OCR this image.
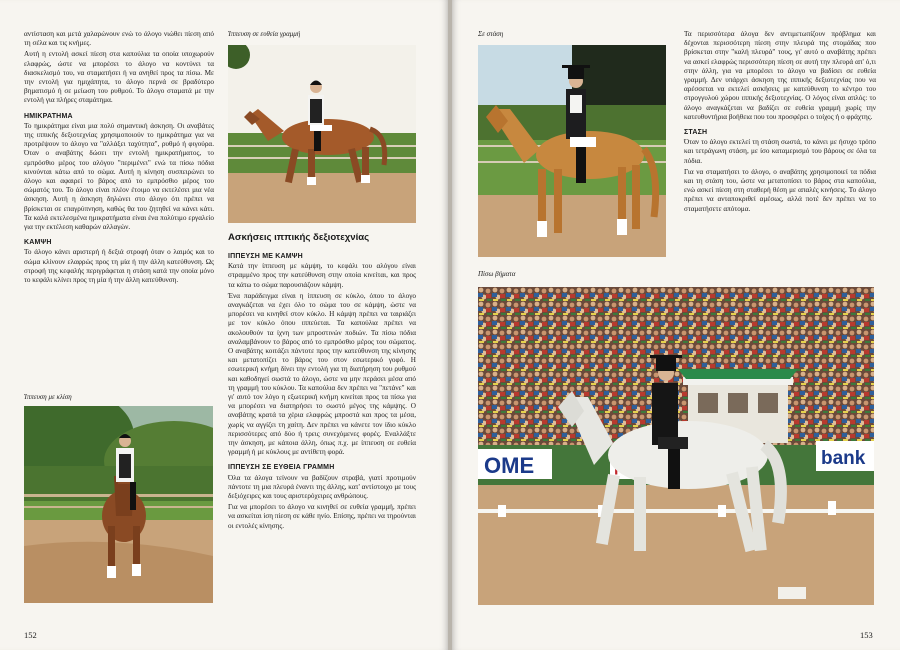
αντίσταση και μετά χαλαρώνουν ενώ το άλογο νιώθει πίεση από τη σέλα και τις κνήμες.

Αυτή η εντολή ασκεί πίεση στα καπούλια τα οποία υποχωρούν ελαφρώς, ώστε να μπορέσει το άλογο να κοντύνει τα διασκελισμό του, να σταματήσει ή να ανηθεί προς τα πίσω. Με την εντολή για ημιχάπητα, το άλογο περνά σε βραδύτερο βηματισμό ή σε μείωση του ρυθμού. Το άλογο σταματά με την εντολή για πλήρες σταμάτημα.

ΗΜΙΚΡΑΤΗΜΑ

Το ημικράτημα είναι μια πολύ σημαντική άσκηση. Οι αναβάτες της ιππικής δεξιοτεχνίας χρησιμοποιούν το ημικράτημα για να προτρέψουν το άλογο να "αλλάξει ταχύτητα", ρυθμό ή φιγούρα. Όταν ο αναβάτης δώσει την εντολή ημικρατήματος, το εμπρόσθιο μέρος του αλόγου "περιμένει" ενώ τα πίσω πόδια κινούνται κάτω από το σώμα. Αυτή η κίνηση συσπειρώνει το άλογο και αφαιρεί το βάρος από το εμπρόσθιο μέρος του σώματός του. Το άλογο είναι πλέον έτοιμο να εκτελέσει μια νέα άσκηση. Αυτή η άσκηση δηλώνει στο άλογο ότι πρέπει να βρίσκεται σε επαγρύπνηση, καθώς θα του ζητηθεί να κάνει κάτι. Τα καλά εκτελεσμένα ημικρατήματα είναι ένα πολύτιμο εργαλείο για την εκτέλεση καθαρών αλλαγών.

ΚΑΜΨΗ

Το άλογο κάνει αριστερή ή δεξιά στροφή όταν ο λαιμός και το σώμα κλίνουν ελαφρώς προς τη μία ή την άλλη κατεύθυνση. Ως στροφή της κεφαλής περιγράφεται η στάση κατά την οποία μόνο το κεφάλι κλίνει προς τη μία ή την άλλη κατεύθυνση.

Ίππευση με κλίση
Ίππευση σε ευθεία γραμμή
Ασκήσεις ιππικής δεξιοτεχνίας
ΙΠΠΕΥΣΗ ΜΕ ΚΑΜΨΗ

Κατά την ίππευση με κάμψη, το κεφάλι του αλόγου είναι στραμμένο προς την κατεύθυνση στην οποία κινείται, και προς τα κάτω το σώμα παρουσιάζουν κάμψη.

Ένα παράδειγμα είναι η ίππευση σε κύκλο, όπου το άλογο αναγκάζεται να έχει όλο το σώμα του σε κάμψη, ώστε να μπορέσει να κινηθεί στον κύκλο. Η κάμψη πρέπει να ταιριάζει με τον κύκλο όπου ιππεύεται. Τα καπούλια πρέπει να ακολουθούν τα ίχνη των μπροστινών ποδιών. Τα πίσω πόδια αναλαμβάνουν το βάρος από το εμπρόσθιο μέρος του σώματος. Ο αναβάτης κοιτάζει πάντοτε προς την κατεύθυνση της κίνησης και μετατοπίζει το βάρος του στον εσωτερικό γοφό. Η εσωτερική κνήμη δίνει την εντολή για τη διατήρηση του ρυθμού και καθοδηγεί σωστά το άλογο, ώστε να μην περάσει μέσα από τη γραμμή του κύκλου. Τα καπούλια δεν πρέπει να "πετάνε" και γι' αυτό τον λόγο η εξωτερική κνήμη κινείται προς τα πίσω για να μπορέσει να διατηρήσει το σωστό μέγος της κάμψης. Ο αναβάτης κρατά τα χέρια ελαφρώς μπροστά και προς τα μέσα, χωρίς να αγγίζει τη χαίτη. Δεν πρέπει να κάνετε τον ίδιο κύκλο περισσότερες από δύο ή τρεις συνεχόμενες φορές. Εναλλάξτε την άσκηση, με κάποια άλλη, όπως π.χ. με ίππευση σε ευθεία γραμμή ή με κύκλους με αντίθετη φορά.

ΙΠΠΕΥΣΗ ΣΕ ΕΥΘΕΙΑ ΓΡΑΜΜΗ

Όλα τα άλογα τείνουν να βαδίζουν στραβά, γιατί προτιμούν πάντοτε τη μια πλευρά έναντι της άλλης, κατ' αντίστοιχο με τους δεξιόχειρες και τους αριστερόχειρες ανθρώπους.

Για να μπορέσει το άλογο να κινηθεί σε ευθεία γραμμή, πρέπει να ασκείται ίση πίεση σε κάθε ηνίο. Επίσης, πρέπει να τηρούνται οι εντολές κίνησης.

152
Σε στάση	Τα περισσότερα άλογα δεν αντιμετωπίζουν πρόβλημα και δέχονται περισσότερη πίεση στην πλευρά της στομάδας που βρίσκεται στην "καλή πλευρά" τους, γι' αυτό ο αναβάτης πρέπει να ασκεί ελαφρώς περισσότερη πίεση σε αυτή την πλευρά απ' ό,τι στην άλλη, για να μπορέσει το άλογο να βαδίσει σε ευθεία γραμμή. Δεν υπάρχει άσκηση της ιππικής δεξιοτεχνίας που να αρέσσεται να εκτελεί ασκήσεις με κατεύθυνση το κέντρο του στρογγυλού χώρου ιππικής δεξιοτεχνίας. Ο λόγος είναι απλός: το άλογο αναγκάζεται να βαδίζει σε ευθεία γραμμή χωρίς την κατευθυντήρια βοήθεια που του προσφέρει ο τοίχος ή ο φράχτης.

ΣΤΑΣΗ

Όταν το άλογο εκτελεί τη στάση σωστά, το κάνει με ήσυχο τρόπο και τετράγωνη στάση, με ίσο καταμερισμό του βάρους σε όλα τα πόδια.

Για να σταματήσει το άλογο, ο αναβάτης χρησιμοποιεί τα πόδια και τη στάση του, ώστε να μετατοπίσει το βάρος στα καπούλια, ενώ ασκεί πίεση στη σταθερή θέση με απαλές κινήσεις. Το άλογο πρέπει να ανταποκριθεί αμέσως, αλλά ποτέ δεν πρέπει να το σταματήσετε απότομα.

Πίσω βήματα
OME	bank
153
